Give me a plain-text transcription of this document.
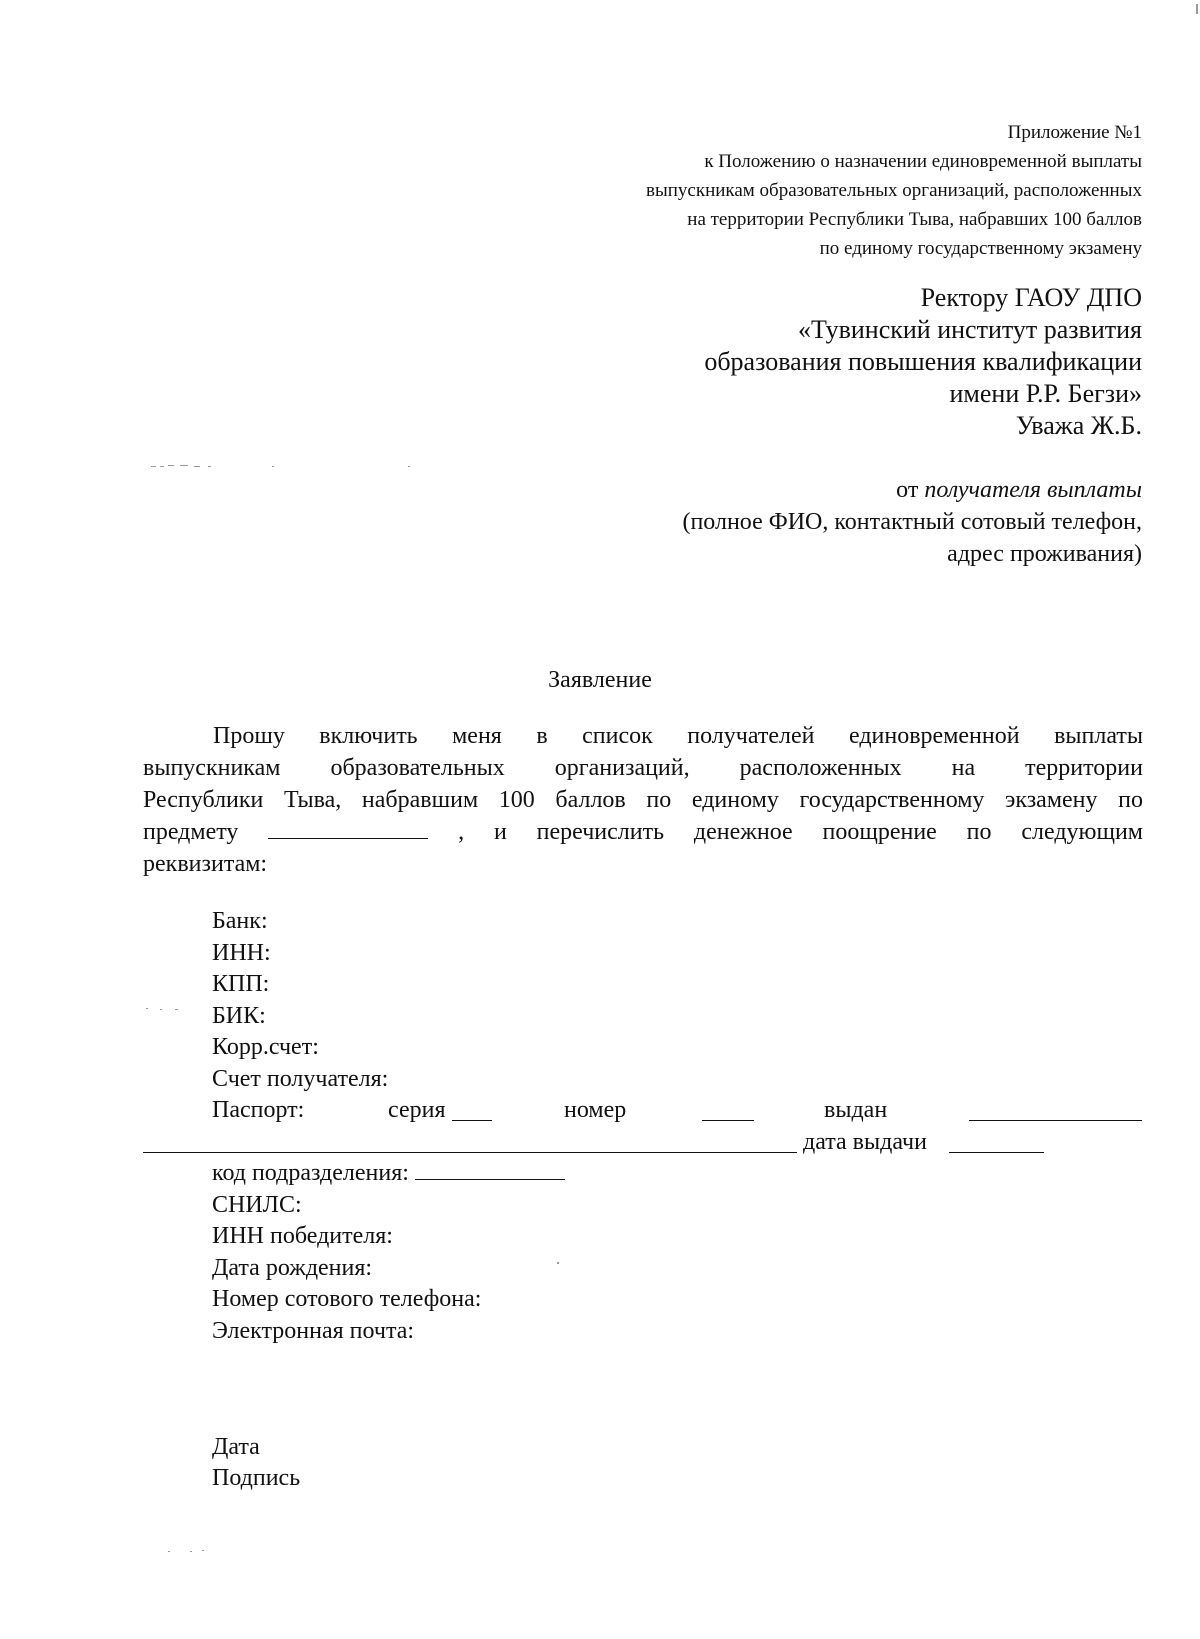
Приложение №1
к Положению о назначении единовременной выплаты
выпускникам образовательных организаций, расположенных
на территории Республики Тыва, набравших 100 баллов
по единому государственному экзамену
Ректору ГАОУ ДПО
«Тувинский институт развития
образования повышения квалификации
имени Р.Р. Бегзи»
Уважа Ж.Б.
от получателя выплаты
(полное ФИО, контактный сотовый телефон,
адрес проживания)
Заявление
Прошу включить меня в список получателей единовременной выплаты
выпускникам образовательных организаций, расположенных на территории
Республики Тыва, набравшим 100 баллов по единому государственному экзамену по
предмету	, и перечислить денежное поощрение по следующим
реквизитам:
Банк:
ИНН:
КПП:
БИК:
Корр.счет:
Счет получателя:
Паспорт:	серия	номер	выдан
дата выдачи
код подразделения:
СНИЛС:
ИНН победителя:
Дата рождения:
Номер сотового телефона:
Электронная почта:
Дата
Подпись
